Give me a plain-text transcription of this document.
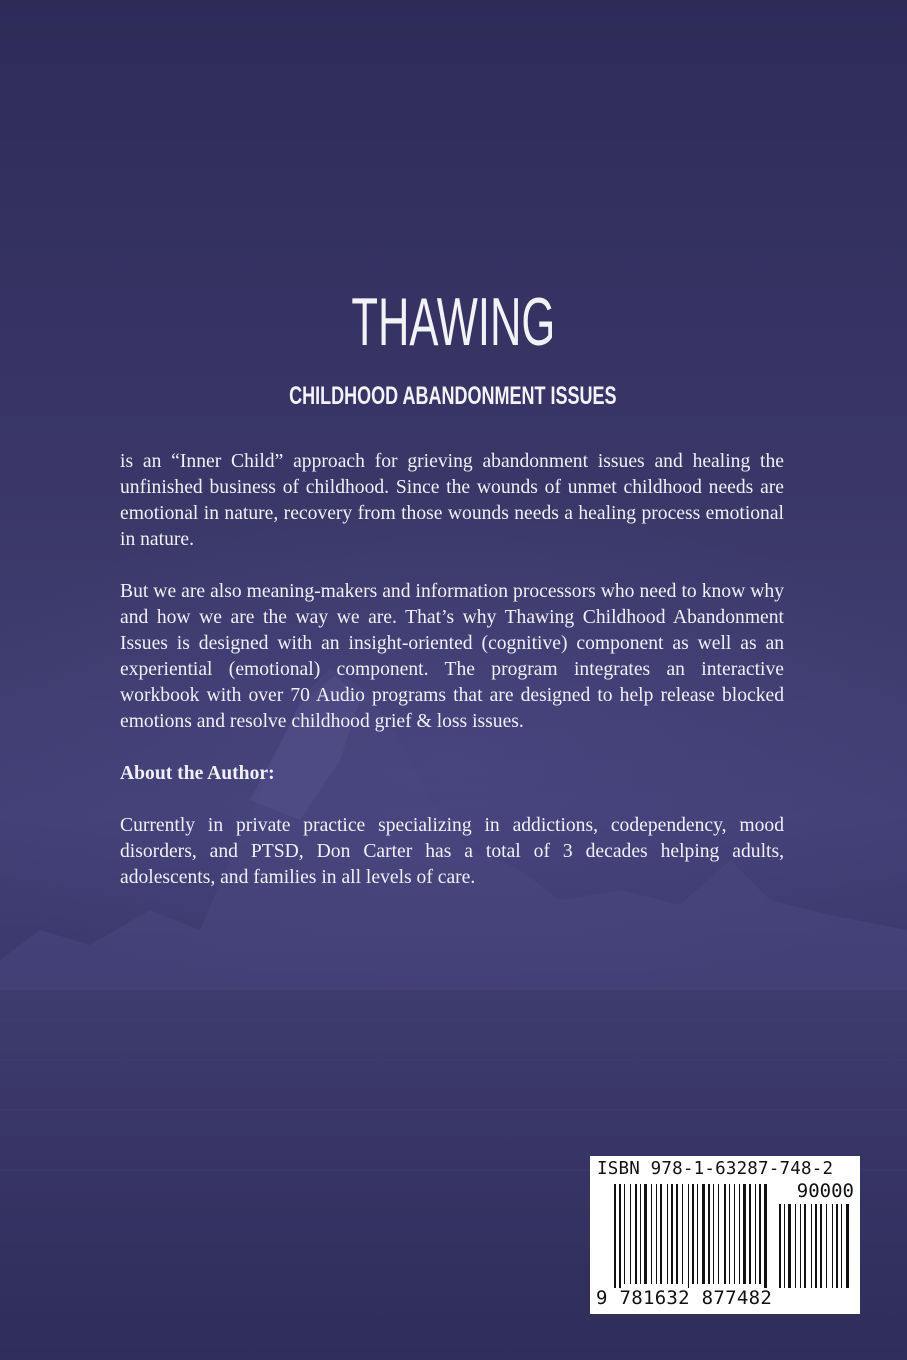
THAWING
CHILDHOOD ABANDONMENT ISSUES

is an “Inner Child” approach for grieving abandonment issues and healing the unfinished business of childhood. Since the wounds of unmet childhood needs are emotional in nature, recovery from those wounds needs a healing process emotional in nature.

But we are also meaning-makers and information processors who need to know why and how we are the way we are. That’s why Thawing Childhood Abandonment Issues is designed with an insight-oriented (cognitive) component as well as an experiential (emotional) component. The program integrates an interactive workbook with over 70 Audio programs that are designed to help release blocked emotions and resolve childhood grief & loss issues.

About the Author:

Currently in private practice specializing in addictions, codependency, mood disorders, and PTSD, Don Carter has a total of 3 decades helping adults, adolescents, and families in all levels of care.

ISBN 978-1-63287-748-2
90000
9 781632 877482
